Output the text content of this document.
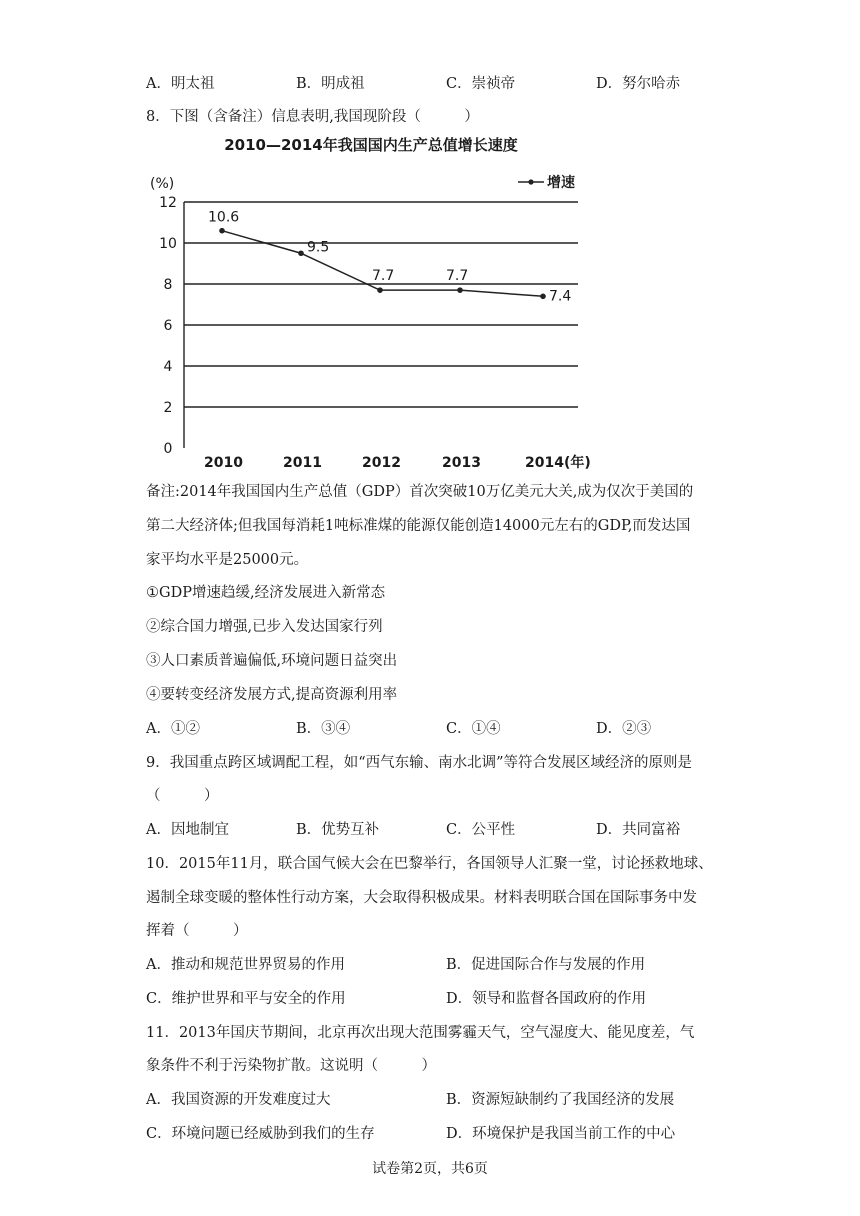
A．明太祖	B．明成祖	C．崇祯帝	D．努尔哈赤
8．下图（含备注）信息表明,我国现阶段（　　　）
2010—2014年我国国内生产总值增长速度
(%)	增速
0
2
4
6
8
10
12
2010	2011	2012	2013	2014(年)
10.6
9.5
7.7	7.7
7.4
备注:2014年我国国内生产总值（GDP）首次突破10万亿美元大关,成为仅次于美国的
第二大经济体;但我国每消耗1吨标准煤的能源仅能创造14000元左右的GDP,而发达国
家平均水平是25000元。
①GDP增速趋缓,经济发展进入新常态
②综合国力增强,已步入发达国家行列
③人口素质普遍偏低,环境问题日益突出
④要转变经济发展方式,提高资源利用率
A．①②	B．③④	C．①④	D．②③
9．我国重点跨区域调配工程，如“西气东输、南水北调”等符合发展区域经济的原则是
（　　　）
A．因地制宜	B．优势互补	C．公平性	D．共同富裕
10．2015年11月，联合国气候大会在巴黎举行，各国领导人汇聚一堂，讨论拯救地球、
遏制全球变暖的整体性行动方案，大会取得积极成果。材料表明联合国在国际事务中发
挥着（　　　）
A．推动和规范世界贸易的作用	B．促进国际合作与发展的作用
C．维护世界和平与安全的作用	D．领导和监督各国政府的作用
11．2013年国庆节期间，北京再次出现大范围雾霾天气，空气湿度大、能见度差，气
象条件不利于污染物扩散。这说明（　　　）
A．我国资源的开发难度过大	B．资源短缺制约了我国经济的发展
C．环境问题已经威胁到我们的生存	D．环境保护是我国当前工作的中心
试卷第2页，共6页
